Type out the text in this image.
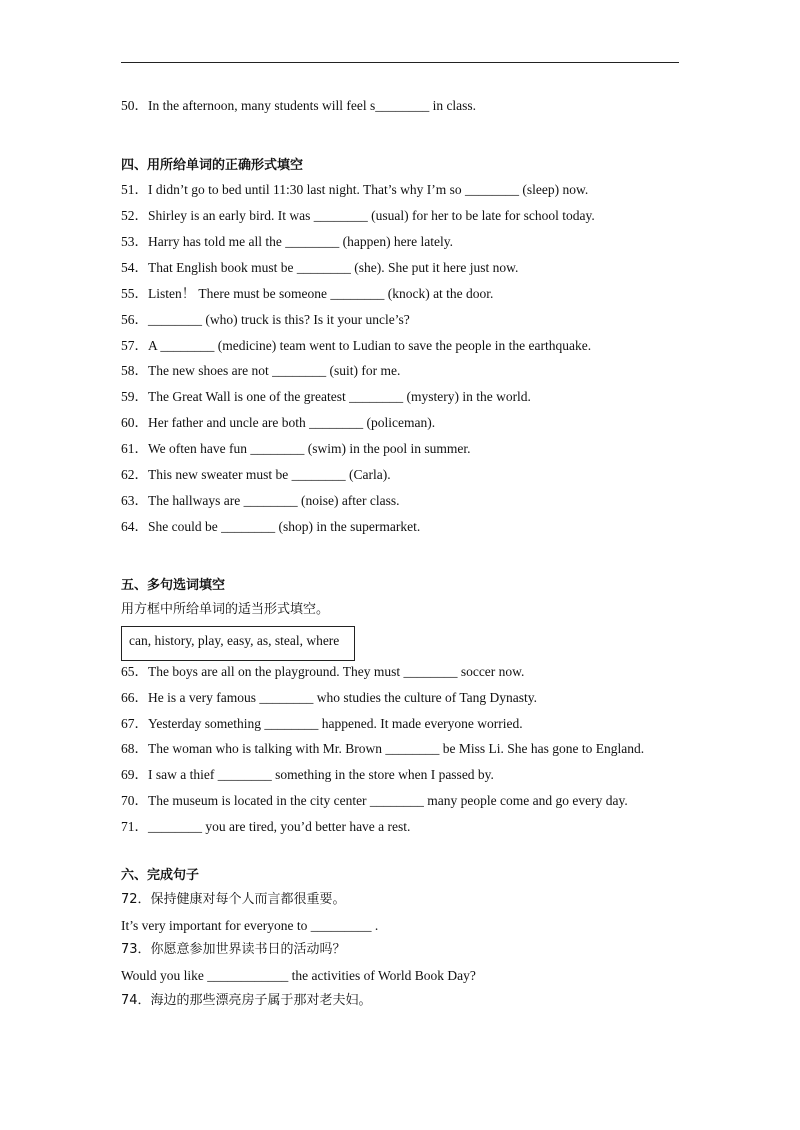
50．In the afternoon, many students will feel s________ in class.
四、用所给单词的正确形式填空
51．I didn’t go to bed until 11:30 last night. That’s why I’m so ________ (sleep) now.
52．Shirley is an early bird. It was ________ (usual) for her to be late for school today.
53．Harry has told me all the ________ (happen) here lately.
54．That English book must be ________ (she). She put it here just now.
55．Listen！ There must be someone ________ (knock) at the door.
56．________ (who) truck is this? Is it your uncle’s?
57．A ________ (medicine) team went to Ludian to save the people in the earthquake.
58．The new shoes are not ________ (suit) for me.
59．The Great Wall is one of the greatest ________ (mystery) in the world.
60．Her father and uncle are both ________ (policeman).
61．We often have fun ________ (swim) in the pool in summer.
62．This new sweater must be ________ (Carla).
63．The hallways are ________ (noise) after class.
64．She could be ________ (shop) in the supermarket.
五、多句选词填空
用方框中所给单词的适当形式填空。
can, history, play, easy, as, steal, where
65．The boys are all on the playground. They must ________ soccer now.
66．He is a very famous ________ who studies the culture of Tang Dynasty.
67．Yesterday something ________ happened. It made everyone worried.
68．The woman who is talking with Mr. Brown ________ be Miss Li. She has gone to England.
69．I saw a thief ________ something in the store when I passed by.
70．The museum is located in the city center ________ many people come and go every day.
71．________ you are tired, you’d better have a rest.
六、完成句子
72．保持健康对每个人而言都很重要。
It’s very important for everyone to _________ .
73．你愿意参加世界读书日的活动吗？
Would you like ____________ the activities of World Book Day?
74．海边的那些漂亮房子属于那对老夫妇。
